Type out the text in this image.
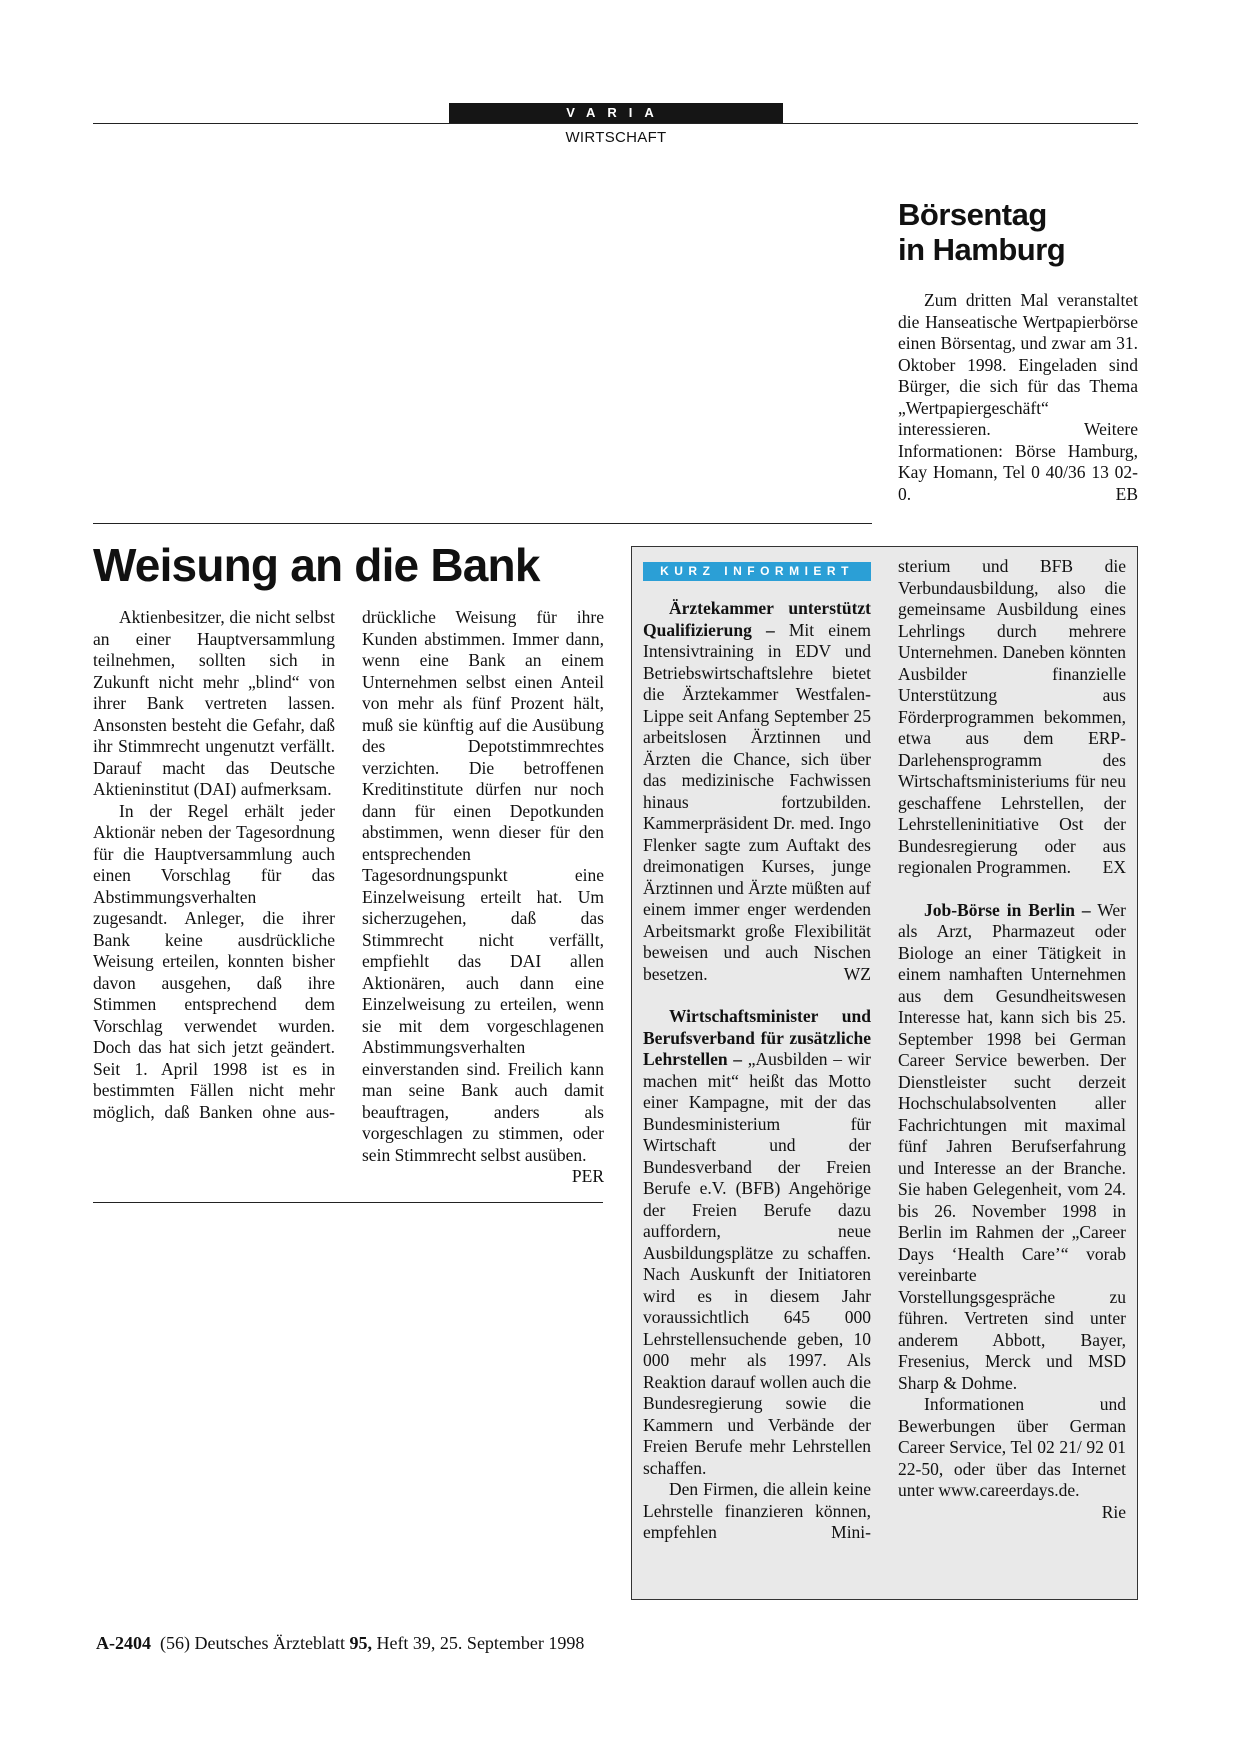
VARIA
WIRTSCHAFT
Börsentag
in Hamburg

Zum dritten Mal veranstaltet die Hanseatische Wertpapierbörse einen Börsentag, und zwar am 31. Oktober 1998. Eingeladen sind Bürger, die sich für das Thema „Wertpapiergeschäft“ interessieren. Weitere Informationen: Börse Hamburg, Kay Homann, Tel 0 40/36 13 02-0.	EB

Weisung an die Bank

Aktienbesitzer, die nicht selbst an einer Hauptversammlung teilnehmen, sollten sich in Zukunft nicht mehr „blind“ von ihrer Bank vertreten lassen. Ansonsten besteht die Gefahr, daß ihr Stimmrecht ungenutzt verfällt. Darauf macht das Deutsche Aktieninstitut (DAI) aufmerksam.

In der Regel erhält jeder Aktionär neben der Tagesordnung für die Hauptversammlung auch einen Vorschlag für das Abstimmungsverhalten zugesandt. Anleger, die ihrer Bank keine ausdrückliche Weisung erteilen, konnten bisher davon ausgehen, daß ihre Stimmen entsprechend dem Vorschlag verwendet wurden. Doch das hat sich jetzt geändert. Seit 1. April 1998 ist es in bestimmten Fällen nicht mehr möglich, daß Banken ohne aus-

drückliche Weisung für ihre Kunden abstimmen. Immer dann, wenn eine Bank an einem Unternehmen selbst einen Anteil von mehr als fünf Prozent hält, muß sie künftig auf die Ausübung des Depotstimmrechtes verzichten. Die betroffenen Kreditinstitute dürfen nur noch dann für einen Depotkunden abstimmen, wenn dieser für den entsprechenden Tagesordnungspunkt eine Einzelweisung erteilt hat. Um sicherzugehen, daß das Stimmrecht nicht verfällt, empfiehlt das DAI allen Aktionären, auch dann eine Einzelweisung zu erteilen, wenn sie mit dem vorgeschlagenen Abstimmungsverhalten einverstanden sind. Freilich kann man seine Bank auch damit beauftragen, anders als vorgeschlagen zu stimmen, oder sein Stimmrecht selbst ausüben.
PER

KURZ INFORMIERT

Ärztekammer unterstützt Qualifizierung – Mit einem Intensivtraining in EDV und Betriebswirtschaftslehre bietet die Ärztekammer Westfalen-Lippe seit Anfang September 25 arbeitslosen Ärztinnen und Ärzten die Chance, sich über das medizinische Fachwissen hinaus fortzubilden. Kammerpräsident Dr. med. Ingo Flenker sagte zum Auftakt des dreimonatigen Kurses, junge Ärztinnen und Ärzte müßten auf einem immer enger werdenden Arbeitsmarkt große Flexibilität beweisen und auch Nischen besetzen.	WZ

Wirtschaftsminister und Berufsverband für zusätzliche Lehrstellen – „Ausbilden – wir machen mit“ heißt das Motto einer Kampagne, mit der das Bundesministerium für Wirtschaft und der Bundesverband der Freien Berufe e.V. (BFB) Angehörige der Freien Berufe dazu auffordern, neue Ausbildungsplätze zu schaffen. Nach Auskunft der Initiatoren wird es in diesem Jahr voraussichtlich 645 000 Lehrstellensuchende geben, 10 000 mehr als 1997. Als Reaktion darauf wollen auch die Bundesregierung sowie die Kammern und Verbände der Freien Berufe mehr Lehrstellen schaffen.

Den Firmen, die allein keine Lehrstelle finanzieren können, empfehlen Mini-

sterium und BFB die Verbundausbildung, also die gemeinsame Ausbildung eines Lehrlings durch mehrere Unternehmen. Daneben könnten Ausbilder finanzielle Unterstützung aus Förderprogrammen bekommen, etwa aus dem ERP-Darlehensprogramm des Wirtschaftsministeriums für neu geschaffene Lehrstellen, der Lehrstelleninitiative Ost der Bundesregierung oder aus regionalen Programmen. EX

Job-Börse in Berlin – Wer als Arzt, Pharmazeut oder Biologe an einer Tätigkeit in einem namhaften Unternehmen aus dem Gesundheitswesen Interesse hat, kann sich bis 25. September 1998 bei German Career Service bewerben. Der Dienstleister sucht derzeit Hochschulabsolventen aller Fachrichtungen mit maximal fünf Jahren Berufserfahrung und Interesse an der Branche. Sie haben Gelegenheit, vom 24. bis 26. November 1998 in Berlin im Rahmen der „Career Days ‘Health Care’“ vorab vereinbarte Vorstellungsgespräche zu führen. Vertreten sind unter anderem Abbott, Bayer, Fresenius, Merck und MSD Sharp & Dohme.

Informationen und Bewerbungen über German Career Service, Tel 02 21/ 92 01 22-50, oder über das Internet unter www.careerdays.de.
Rie

A-2404 (56) Deutsches Ärzteblatt 95, Heft 39, 25. September 1998
